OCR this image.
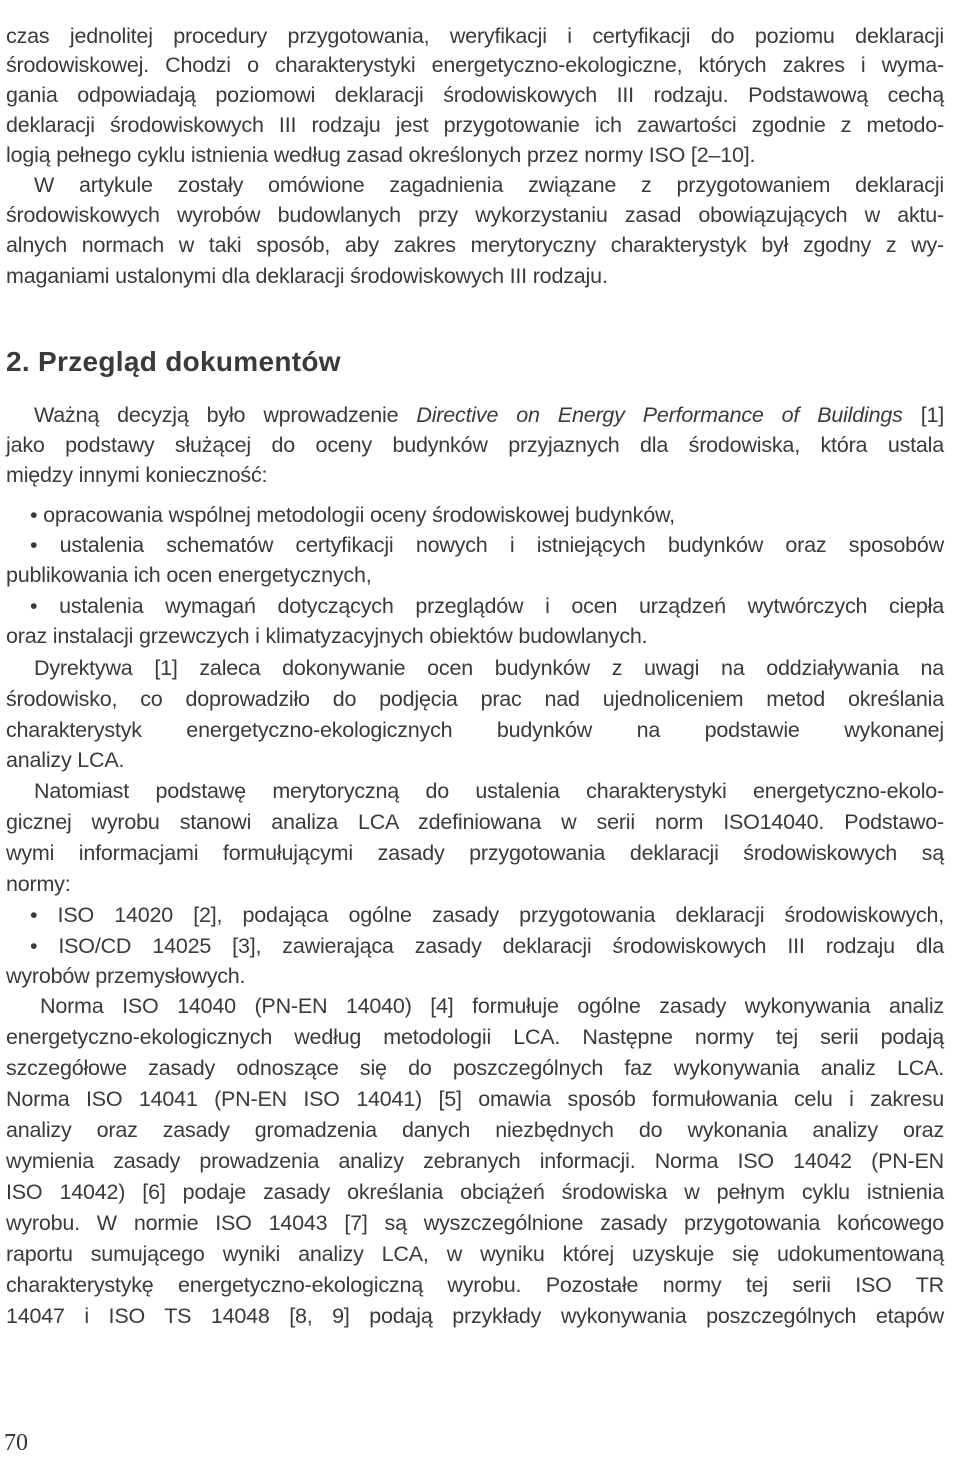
czas jednolitej procedury przygotowania, weryfikacji i certyfikacji do poziomu deklaracji
środowiskowej. Chodzi o charakterystyki energetyczno-ekologiczne, których zakres i wyma-
gania odpowiadają poziomowi deklaracji środowiskowych III rodzaju. Podstawową cechą
deklaracji środowiskowych III rodzaju jest przygotowanie ich zawartości zgodnie z metodo-
logią pełnego cyklu istnienia według zasad określonych przez normy ISO [2–10].
W artykule zostały omówione zagadnienia związane z przygotowaniem deklaracji
środowiskowych wyrobów budowlanych przy wykorzystaniu zasad obowiązujących w aktu-
alnych normach w taki sposób, aby zakres merytoryczny charakterystyk był zgodny z wy-
maganiami ustalonymi dla deklaracji środowiskowych III rodzaju.
2. Przegląd dokumentów
Ważną decyzją było wprowadzenie Directive on Energy Performance of Buildings [1]
jako podstawy służącej do oceny budynków przyjaznych dla środowiska, która ustala
między innymi konieczność:
• opracowania wspólnej metodologii oceny środowiskowej budynków,
• ustalenia schematów certyfikacji nowych i istniejących budynków oraz sposobów
publikowania ich ocen energetycznych,
• ustalenia wymagań dotyczących przeglądów i ocen urządzeń wytwórczych ciepła
oraz instalacji grzewczych i klimatyzacyjnych obiektów budowlanych.
Dyrektywa [1] zaleca dokonywanie ocen budynków z uwagi na oddziaływania na
środowisko, co doprowadziło do podjęcia prac nad ujednoliceniem metod określania
charakterystyk energetyczno-ekologicznych budynków na podstawie wykonanej
analizy LCA.
Natomiast podstawę merytoryczną do ustalenia charakterystyki energetyczno-ekolo-
gicznej wyrobu stanowi analiza LCA zdefiniowana w serii norm ISO14040. Podstawo-
wymi informacjami formułującymi zasady przygotowania deklaracji środowiskowych są
normy:
• ISO 14020 [2], podająca ogólne zasady przygotowania deklaracji środowiskowych,
• ISO/CD 14025 [3], zawierająca zasady deklaracji środowiskowych III rodzaju dla
wyrobów przemysłowych.
Norma ISO 14040 (PN-EN 14040) [4] formułuje ogólne zasady wykonywania analiz
energetyczno-ekologicznych według metodologii LCA. Następne normy tej serii podają
szczegółowe zasady odnoszące się do poszczególnych faz wykonywania analiz LCA.
Norma ISO 14041 (PN-EN ISO 14041) [5] omawia sposób formułowania celu i zakresu
analizy oraz zasady gromadzenia danych niezbędnych do wykonania analizy oraz
wymienia zasady prowadzenia analizy zebranych informacji. Norma ISO 14042 (PN-EN
ISO 14042) [6] podaje zasady określania obciążeń środowiska w pełnym cyklu istnienia
wyrobu. W normie ISO 14043 [7] są wyszczególnione zasady przygotowania końcowego
raportu sumującego wyniki analizy LCA, w wyniku której uzyskuje się udokumentowaną
charakterystykę energetyczno-ekologiczną wyrobu. Pozostałe normy tej serii ISO TR
14047 i ISO TS 14048 [8, 9] podają przykłady wykonywania poszczególnych etapów
70
